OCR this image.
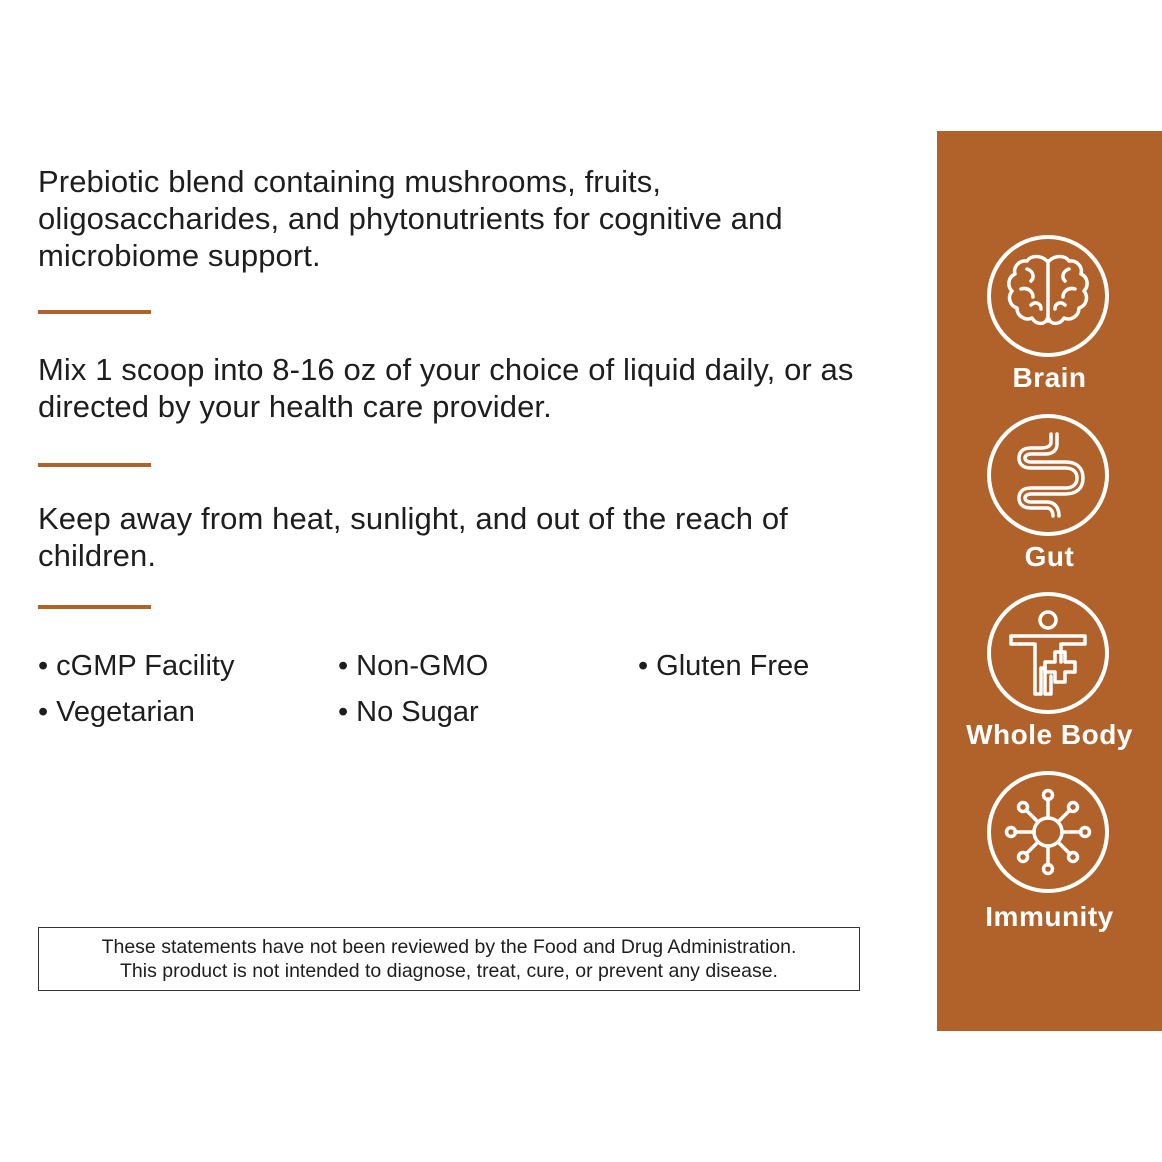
Prebiotic blend containing mushrooms, fruits, oligosaccharides, and phytonutrients for cognitive and microbiome support.

Mix 1 scoop into 8-16 oz of your choice of liquid daily, or as directed by your health care provider.

Keep away from heat, sunlight, and out of the reach of children.

• cGMP Facility	• Non-GMO	• Gluten Free
• Vegetarian	• No Sugar
These statements have not been reviewed by the Food and Drug Administration.
This product is not intended to diagnose, treat, cure, or prevent any disease.
Brain
Gut
Whole Body
Immunity
